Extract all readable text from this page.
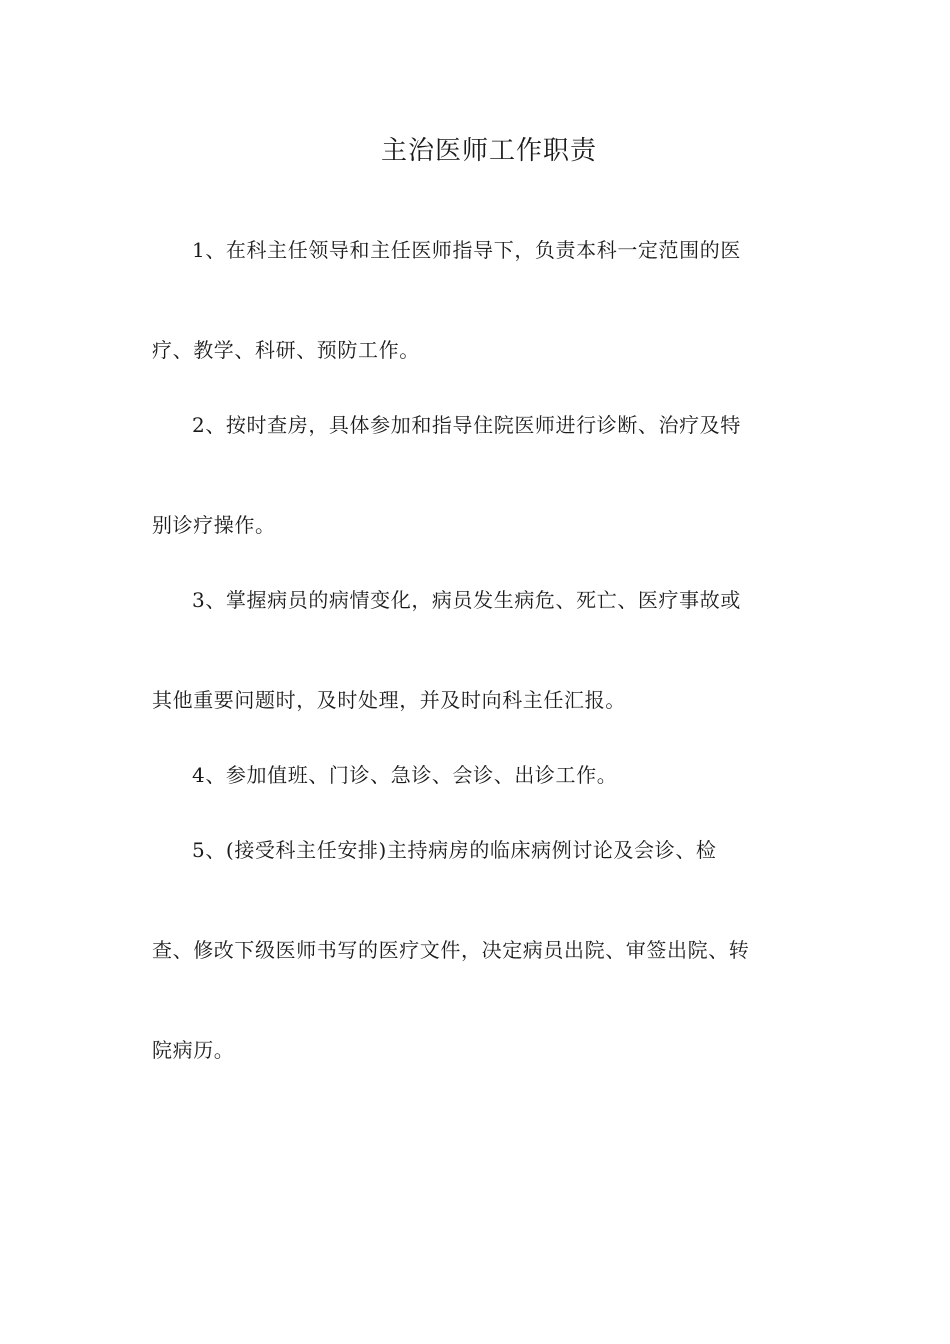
主治医师工作职责

1、在科主任领导和主任医师指导下，负责本科一定范围的医

疗、教学、科研、预防工作。

2、按时查房，具体参加和指导住院医师进行诊断、治疗及特

别诊疗操作。

3、掌握病员的病情变化，病员发生病危、死亡、医疗事故或

其他重要问题时，及时处理，并及时向科主任汇报。

4、参加值班、门诊、急诊、会诊、出诊工作。

5、(接受科主任安排)主持病房的临床病例讨论及会诊、检

查、修改下级医师书写的医疗文件，决定病员出院、审签出院、转

院病历。
